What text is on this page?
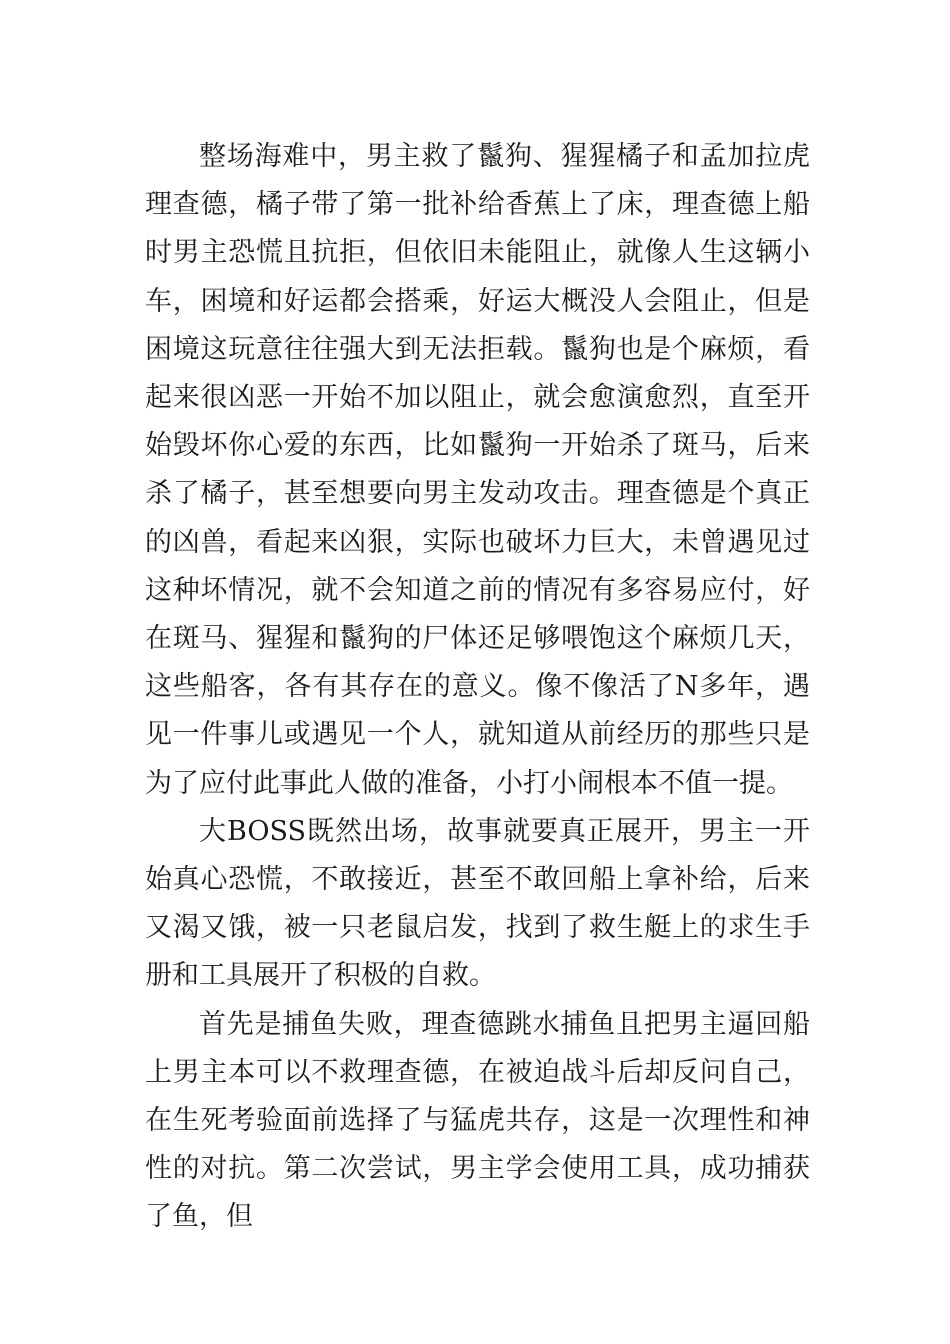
整场海难中，男主救了鬣狗、猩猩橘子和孟加拉虎理查德，橘子带了第一批补给香蕉上了床，理查德上船时男主恐慌且抗拒，但依旧未能阻止，就像人生这辆小车，困境和好运都会搭乘，好运大概没人会阻止，但是困境这玩意往往强大到无法拒载。鬣狗也是个麻烦，看起来很凶恶一开始不加以阻止，就会愈演愈烈，直至开始毁坏你心爱的东西，比如鬣狗一开始杀了斑马，后来杀了橘子，甚至想要向男主发动攻击。理查德是个真正的凶兽，看起来凶狠，实际也破坏力巨大，未曾遇见过这种坏情况，就不会知道之前的情况有多容易应付，好在斑马、猩猩和鬣狗的尸体还足够喂饱这个麻烦几天，这些船客，各有其存在的意义。像不像活了N多年，遇见一件事儿或遇见一个人，就知道从前经历的那些只是为了应付此事此人做的准备，小打小闹根本不值一提。

大BOSS既然出场，故事就要真正展开，男主一开始真心恐慌，不敢接近，甚至不敢回船上拿补给，后来又渴又饿，被一只老鼠启发，找到了救生艇上的求生手册和工具展开了积极的自救。

首先是捕鱼失败，理查德跳水捕鱼且把男主逼回船上男主本可以不救理查德，在被迫战斗后却反问自己，在生死考验面前选择了与猛虎共存，这是一次理性和神性的对抗。第二次尝试，男主学会使用工具，成功捕获了鱼，但
